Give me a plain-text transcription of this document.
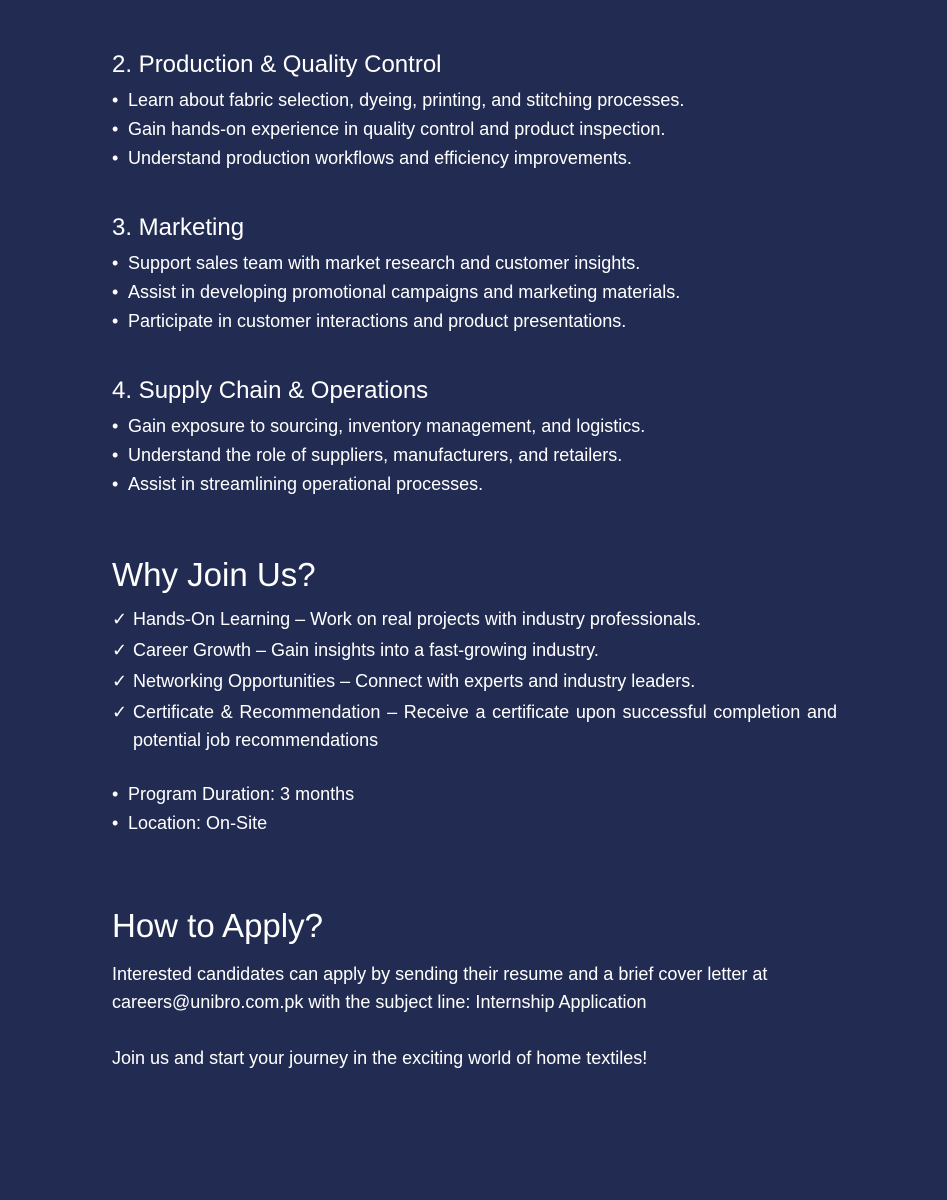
2. Production & Quality Control
• Learn about fabric selection, dyeing, printing, and stitching processes.
• Gain hands-on experience in quality control and product inspection.
• Understand production workflows and efficiency improvements.
3. Marketing
• Support sales team with market research and customer insights.
• Assist in developing promotional campaigns and marketing materials.
• Participate in customer interactions and product presentations.
4. Supply Chain & Operations
• Gain exposure to sourcing, inventory management, and logistics.
• Understand the role of suppliers, manufacturers, and retailers.
• Assist in streamlining operational processes.
Why Join Us?
✓ Hands-On Learning – Work on real projects with industry professionals.
✓ Career Growth – Gain insights into a fast-growing industry.
✓ Networking Opportunities – Connect with experts and industry leaders.
✓ Certificate & Recommendation – Receive a certificate upon successful completion and potential job recommendations
• Program Duration: 3 months
• Location: On-Site
How to Apply?

Interested candidates can apply by sending their resume and a brief cover letter at careers@unibro.com.pk with the subject line: Internship Application

Join us and start your journey in the exciting world of home textiles!
